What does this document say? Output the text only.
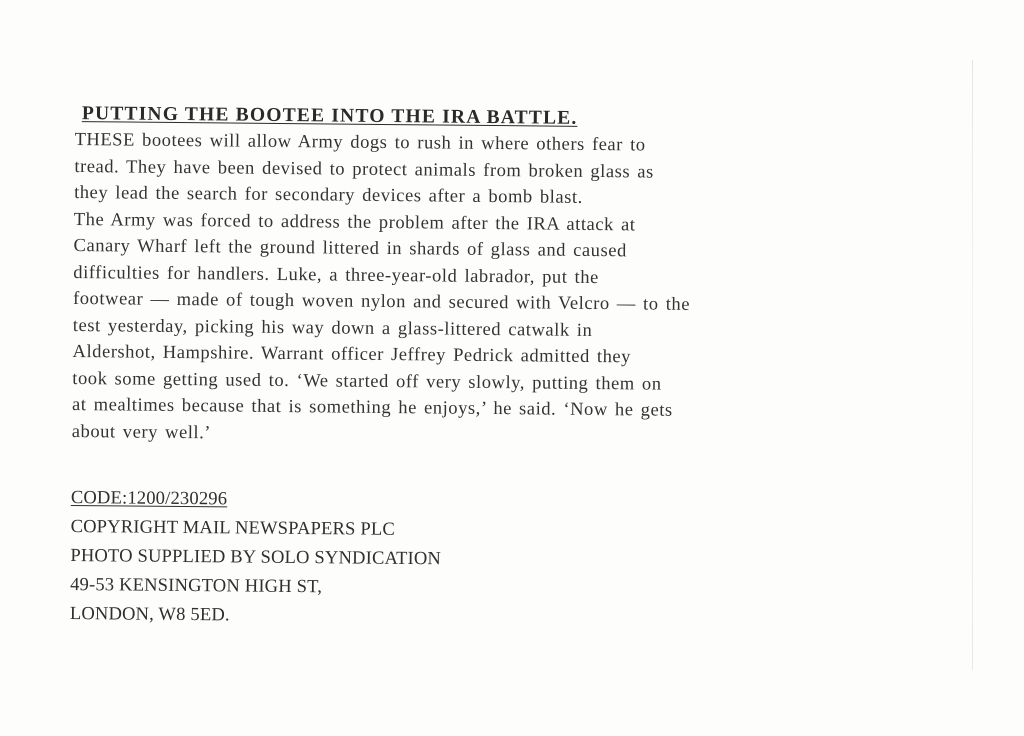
PUTTING THE BOOTEE INTO THE IRA BATTLE.

THESE bootees will allow Army dogs to rush in where others fear to

tread. They have been devised to protect animals from broken glass as

they lead the search for secondary devices after a bomb blast.

The Army was forced to address the problem after the IRA attack at

Canary Wharf left the ground littered in shards of glass and caused

difficulties for handlers. Luke, a three-year-old labrador, put the

footwear — made of tough woven nylon and secured with Velcro — to the

test yesterday, picking his way down a glass-littered catwalk in

Aldershot, Hampshire. Warrant officer Jeffrey Pedrick admitted they

took some getting used to. ‘We started off very slowly, putting them on

at mealtimes because that is something he enjoys,’ he said. ‘Now he gets

about very well.’

CODE:1200/230296

COPYRIGHT MAIL NEWSPAPERS PLC

PHOTO SUPPLIED BY SOLO SYNDICATION

49-53 KENSINGTON HIGH ST,

LONDON, W8 5ED.
